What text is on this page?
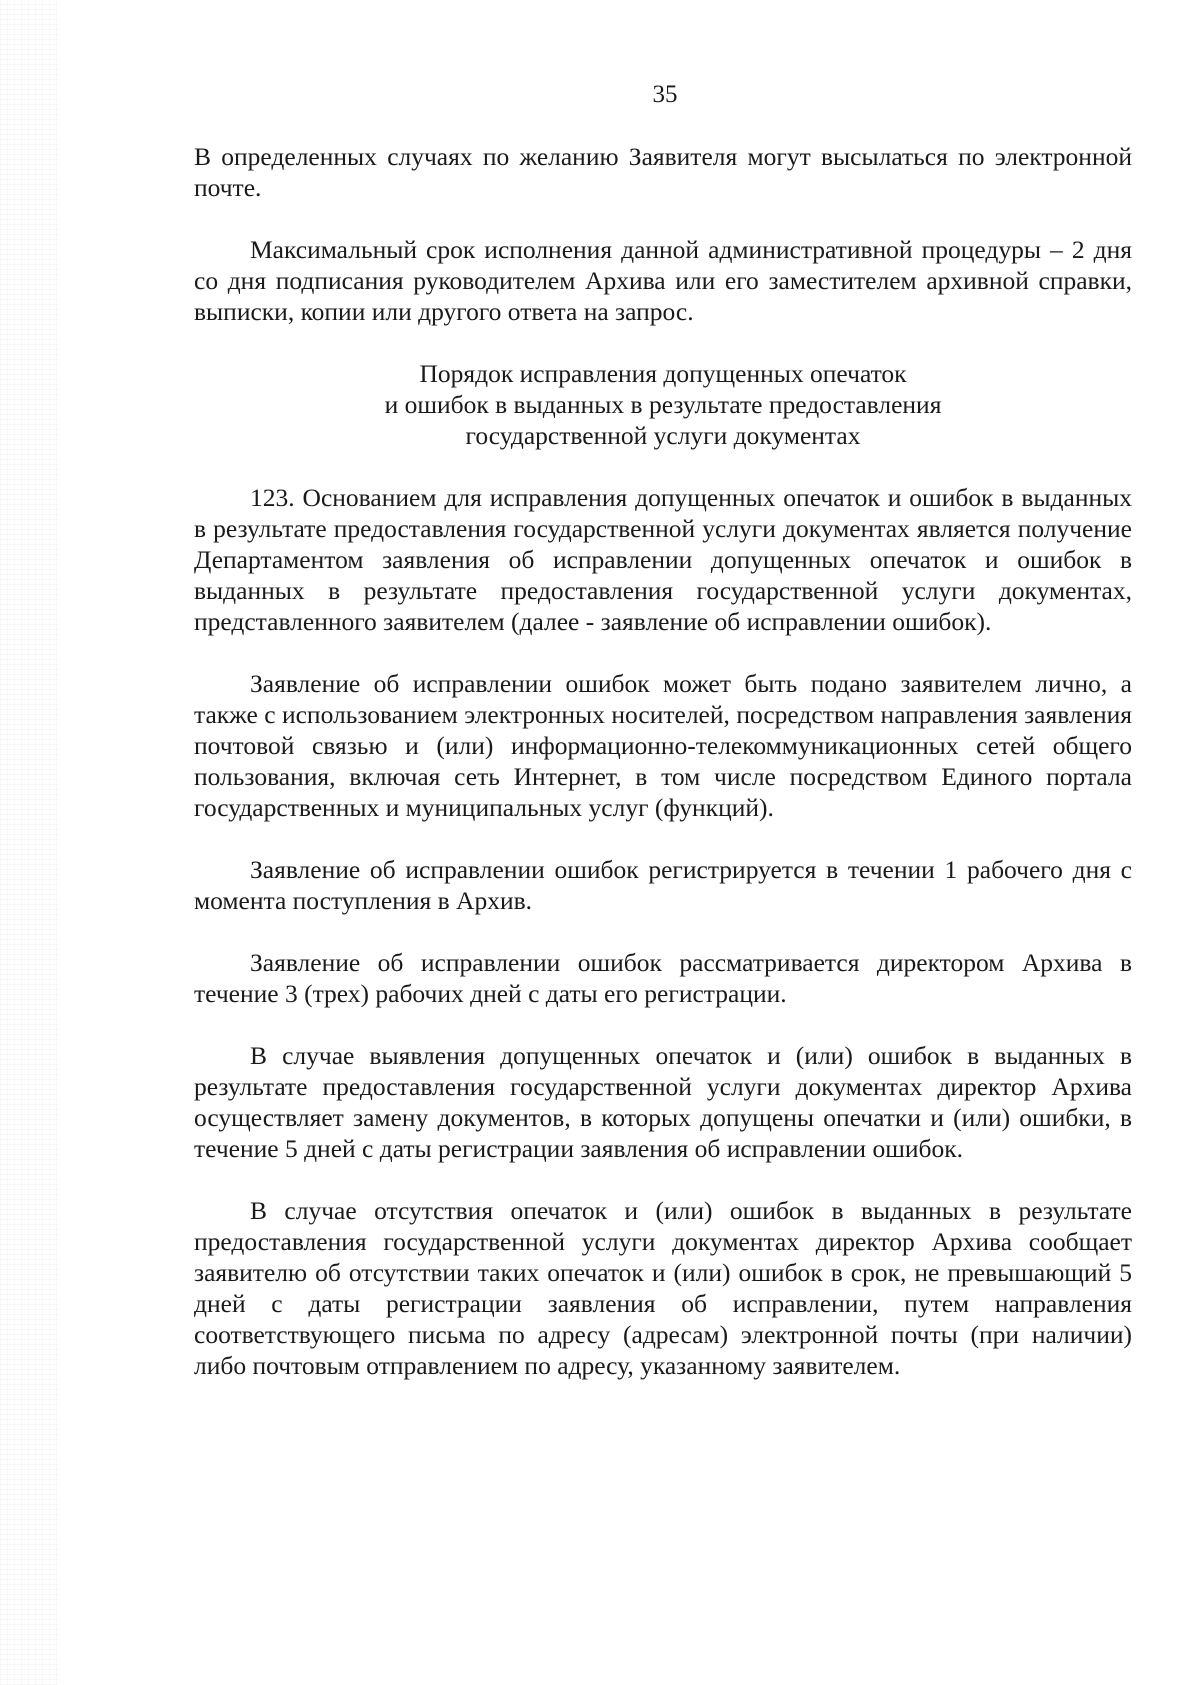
35

В определенных случаях по желанию Заявителя могут высылаться по электронной почте.

Максимальный срок исполнения данной административной процедуры – 2 дня со дня подписания руководителем Архива или его заместителем архивной справки, выписки, копии или другого ответа на запрос.

Порядок исправления допущенных опечаток
и ошибок в выданных в результате предоставления
государственной услуги документах

123. Основанием для исправления допущенных опечаток и ошибок в выданных в результате предоставления государственной услуги документах является получение Департаментом заявления об исправлении допущенных опечаток и ошибок в выданных в результате предоставления государственной услуги документах, представленного заявителем (далее - заявление об исправлении ошибок).

Заявление об исправлении ошибок может быть подано заявителем лично, а также с использованием электронных носителей, посредством направления заявления почтовой связью и (или) информационно-телекоммуникационных сетей общего пользования, включая сеть Интернет, в том числе посредством Единого портала государственных и муниципальных услуг (функций).

Заявление об исправлении ошибок регистрируется в течении 1 рабочего дня с момента поступления в Архив.

Заявление об исправлении ошибок рассматривается директором Архива в течение 3 (трех) рабочих дней с даты его регистрации.

В случае выявления допущенных опечаток и (или) ошибок в выданных в результате предоставления государственной услуги документах директор Архива осуществляет замену документов, в которых допущены опечатки и (или) ошибки, в течение 5 дней с даты регистрации заявления об исправлении ошибок.

В случае отсутствия опечаток и (или) ошибок в выданных в результате предоставления государственной услуги документах директор Архива сообщает заявителю об отсутствии таких опечаток и (или) ошибок в срок, не превышающий 5 дней с даты регистрации заявления об исправлении, путем направления соответствующего письма по адресу (адресам) электронной почты (при наличии) либо почтовым отправлением по адресу, указанному заявителем.
